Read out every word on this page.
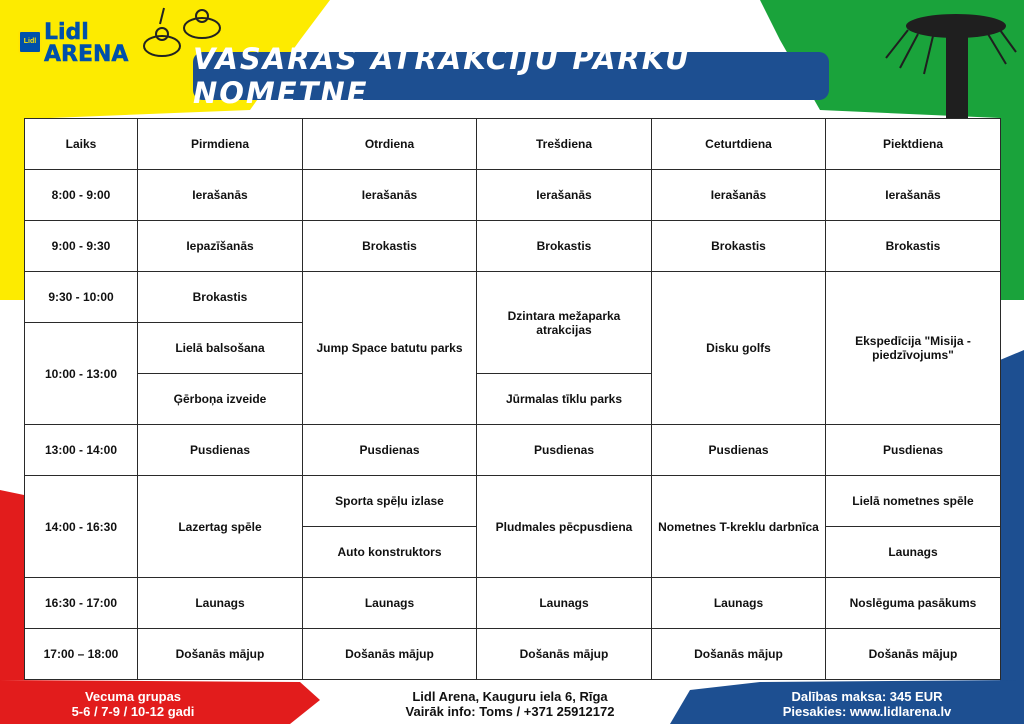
Lidl Lidl
ARENA VASARAS ATRAKCIJU PARKU NOMETNE
Laiks	Pirmdiena	Otrdiena	Trešdiena	Ceturtdiena	Piektdiena
8:00 - 9:00	Ierašanās	Ierašanās	Ierašanās	Ierašanās	Ierašanās
9:00 - 9:30	Iepazīšanās	Brokastis	Brokastis	Brokastis	Brokastis
9:30 - 10:00	Brokastis	Jump Space batutu parks	Dzintara mežaparka atrakcijas	Disku golfs	Ekspedīcija "Misija - piedzīvojums"
10:00 - 13:00	Lielā balsošana				
	Ģērboņa izveide		Jūrmalas tīklu parks		
13:00 - 14:00	Pusdienas	Pusdienas	Pusdienas	Pusdienas	Pusdienas
14:00 - 16:30	Lazertag spēle	Sporta spēļu izlase	Pludmales pēcpusdiena	Nometnes T-kreklu darbnīca	Lielā nometnes spēle
		Auto konstruktors			Launags
16:30 - 17:00	Launags	Launags	Launags	Launags	Noslēguma pasākums
17:00 – 18:00	Došanās mājup	Došanās mājup	Došanās mājup	Došanās mājup	Došanās mājup
Vecuma grupas
5-6 / 7-9 / 10-12 gadi
Lidl Arena, Kauguru iela 6, Rīga
Vairāk info: Toms / +371 25912172
Dalības maksa: 345 EUR
Piesakies: www.lidlarena.lv
